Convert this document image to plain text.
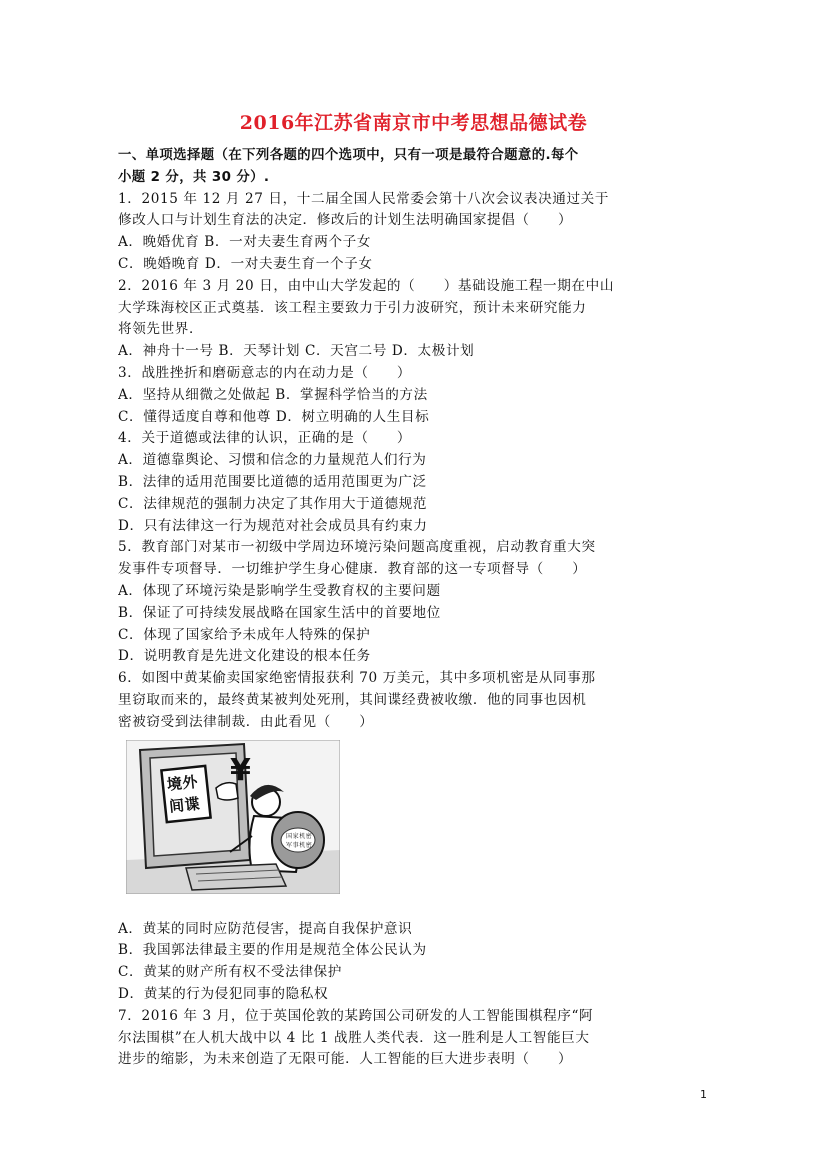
2016年江苏省南京市中考思想品德试卷
一、单项选择题（在下列各题的四个选项中，只有一项是最符合题意的.每个
小题 2 分，共 30 分）.
1．2015 年 12 月 27 日，十二届全国人民常委会第十八次会议表决通过关于
修改人口与计划生育法的决定．修改后的计划生法明确国家提倡（　　）
A．晚婚优育 B．一对夫妻生育两个子女
C．晚婚晚育 D．一对夫妻生育一个子女
2．2016 年 3 月 20 日，由中山大学发起的（　　）基础设施工程一期在中山
大学珠海校区正式奠基．该工程主要致力于引力波研究，预计未来研究能力
将领先世界．
A．神舟十一号 B．天琴计划 C．天宫二号 D．太极计划
3．战胜挫折和磨砺意志的内在动力是（　　）
A．坚持从细微之处做起 B．掌握科学恰当的方法
C．懂得适度自尊和他尊 D．树立明确的人生目标
4．关于道德或法律的认识，正确的是（　　）
A．道德靠舆论、习惯和信念的力量规范人们行为
B．法律的适用范围要比道德的适用范围更为广泛
C．法律规范的强制力决定了其作用大于道德规范
D．只有法律这一行为规范对社会成员具有约束力
5．教育部门对某市一初级中学周边环境污染问题高度重视，启动教育重大突
发事件专项督导．一切维护学生身心健康．教育部的这一专项督导（　　）
A．体现了环境污染是影响学生受教育权的主要问题
B．保证了可持续发展战略在国家生活中的首要地位
C．体现了国家给予未成年人特殊的保护
D．说明教育是先进文化建设的根本任务
6．如图中黄某偷卖国家绝密情报获利 70 万美元，其中多项机密是从同事那
里窃取而来的，最终黄某被判处死刑，其间谍经费被收缴．他的同事也因机
密被窃受到法律制裁．由此看见（　　）
境外
间谍
¥
国家机密
军事机密
A．黄某的同时应防范侵害，提高自我保护意识
B．我国郭法律最主要的作用是规范全体公民认为
C．黄某的财产所有权不受法律保护
D．黄某的行为侵犯同事的隐私权
7．2016 年 3 月，位于英国伦敦的某跨国公司研发的人工智能围棋程序“阿
尔法围棋”在人机大战中以 4 比 1 战胜人类代表．这一胜利是人工智能巨大
进步的缩影，为未来创造了无限可能．人工智能的巨大进步表明（　　）
1
